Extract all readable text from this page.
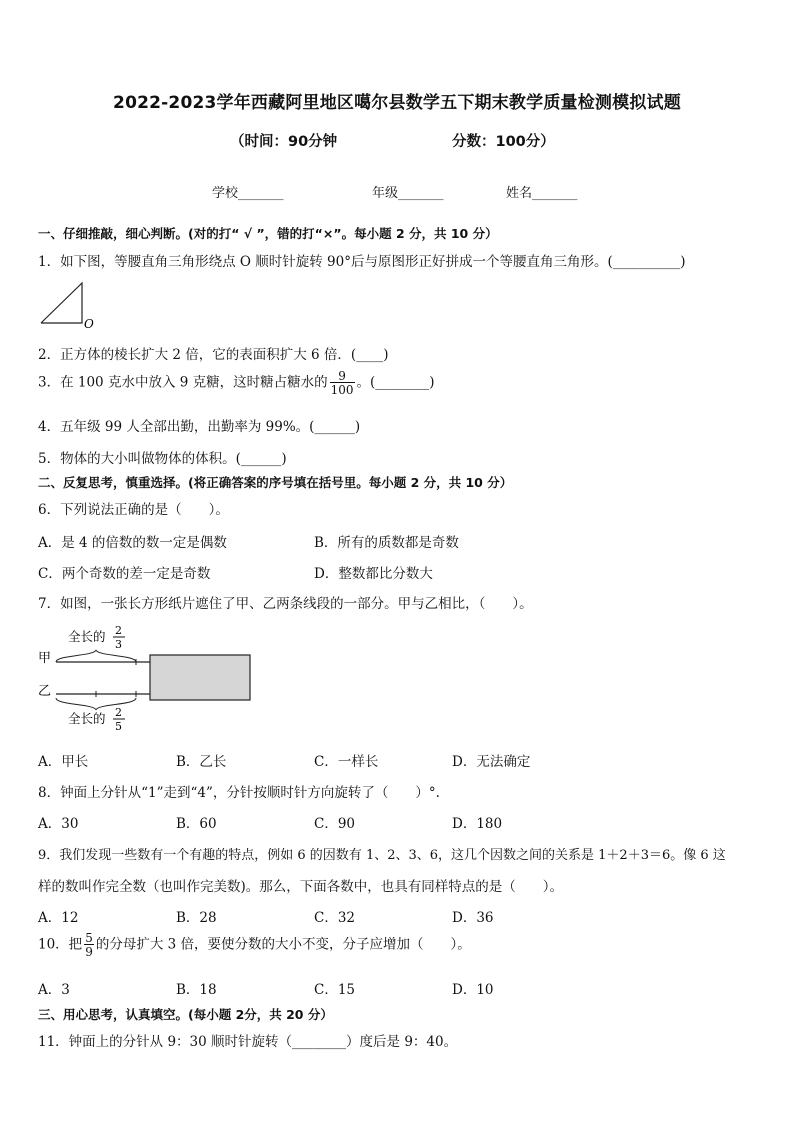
2022-2023学年西藏阿里地区噶尔县数学五下期末教学质量检测模拟试题
（时间：90分钟	分数：100分）
学校_______	年级_______	姓名_______
一、仔细推敲，细心判断。(对的打“ √ ”，错的打“×”。每小题 2 分，共 10 分）
1．如下图，等腰直角三角形绕点 O 顺时针旋转 90°后与原图形正好拼成一个等腰直角三角形。(__________)
O
2．正方体的棱长扩大 2 倍，它的表面积扩大 6 倍．(____)
3．在 100 克水中放入 9 克糖，这时糖占糖水的 $\frac{9}{100}$ 。(________)
4．五年级 99 人全部出勤，出勤率为 99%。(______)
5．物体的大小叫做物体的体积。(______)
二、反复思考，慎重选择。(将正确答案的序号填在括号里。每小题 2 分，共 10 分）
6．下列说法正确的是（　　）。
A．是 4 的倍数的数一定是偶数	B．所有的质数都是奇数
C．两个奇数的差一定是奇数	D．整数都比分数大
7．如图，一张长方形纸片遮住了甲、乙两条线段的一部分。甲与乙相比，（　　）。
全长的 2
3
甲
乙
全长的 2
5
A．甲长	B．乙长	C．一样长	D．无法确定
8．钟面上分针从“1”走到“4”，分针按顺时针方向旋转了（　　）°.
A．30	B．60	C．90	D．180
9．我们发现一些数有一个有趣的特点，例如 6 的因数有 1、2、3、6，这几个因数之间的关系是 1＋2＋3＝6。像 6 这
样的数叫作完全数（也叫作完美数)。那么，下面各数中，也具有同样特点的是（　　）。
A．12	B．28	C．32	D．36
10．把 $\frac{5}{9}$ 的分母扩大 3 倍，要使分数的大小不变，分子应增加（　　）。
A．3	B．18	C．15	D．10
三、用心思考，认真填空。(每小题 2分，共 20 分）
11．钟面上的分针从 9：30 顺时针旋转（________）度后是 9：40。
